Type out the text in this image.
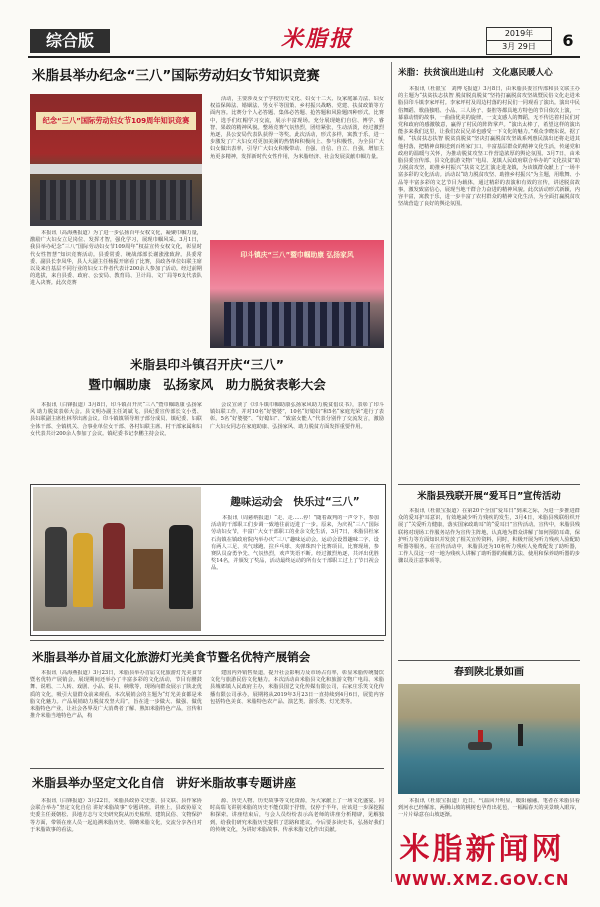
综合版	米脂报	2019年
3月 29日	6
米脂县举办纪念“三八”国际劳动妇女节知识竞赛
纪念“三八”国际劳动妇女节109周年知识竞赛
本报讯（高海燕报道）为了进一步弘扬百年女权文化，凝聚巾帼力量，激励广大妇女立足岗位、发挥才智，强化学习，展现巾帼风采。3月1日，我县举办纪念“三八”国际劳动妇女节109周年“权益宣传女权文化，彰显时代女性智慧”知识竞赛活动。县委常委、统战部部长谢涨涨致辞。县委常委、副县长李凤华，县人大副主任杨振开席看了比赛，县政各单位妇联主席以及来自基层不同行业的妇女工作者代表计200余人参加了活动。经过前期的选拔，来自县委、政府、公安局、教育局、卫计局、文广局等6支代表队进入决赛。此次竞赛
活动，主要涉及女子学校历史文化、妇女十二大、反家庭暴力法、妇女权益保障法、婚姻法、男女平等国策、乡村振兴战略、党建、扶贫政策等方面内容。比赛分个人必答题、集体必答题、抢答题和风险题四种形式。比赛中，选手们红帽学习交流，展示丰富现场。充分展现她们自信、博学、睿智、果敢的精神风貌。整场竞赛气氛热烈，团结紧张，生动活泼，经过激烈角逐，县公安局代表队获得一等奖。此次活动，形式多样，寓教于乐，进一步激发了广大妇女对更加美满的热情和积极向上、参与积极性，为全县广大妇女做出表率，引导广大妇女积极带动、自强、自信、自立、自强，增加主角更多精神，发挥新时代女性作用，为米脂经济、社会发展贡献巾帼力量。
印斗镇庆“三八”暨巾帼助康 弘扬家风
米脂县印斗镇召开庆“三八”
暨巾帼助康　弘扬家风　助力脱贫表彰大会
本报讯（白锋报道）3月8日，印斗镇召开庆“三八”暨巾帼助康 弘扬家风 助力脱贫表彰大会。县文明办副主任刘斌飞、县纪委宣传部长文小勇、县妇联副主席杜林琴出席会议。印斗镇镇领导班子部分成员、镇纪委、妇联全体干部、全镇机关、合事业单位女干部、各村妇联主席、村干部家属和妇女代表共计200余人参加了会议。镇纪委书记李鹏主持会议。
会议宣读了《印斗镇巾帼助康弘扬家风助力脱贫倡议书》，表彰了印斗镇妇联工作，并对10名“好婆婆”，10名“好媳妇”和5名“家庭光荣”进行了表彰。5名“好婆婆”、“好媳妇”、“致富女能人”代表分别作了交流发言，激励广大妇女同志在家庭助康、弘扬家风、助力脱贫方面发挥重要作用。
趣味运动会　快乐过“三八”
本报讯（周慈纳报道）“走、走……停！”随着裁判的一声令下，参加活动的干部职工们步调一致地往前迈进了一步。原来，为庆祝“三八”国际劳动妇女节，丰富广大女干部职工的业余文化生活，3月7日，米脂县杜家石沟镇在镇政府院内举办庆“三八”趣味运动会。运动会设置趣味二字、设有两人三足、夹气球跑、拉乒乓球、夹弹珠四个比赛项目。比赛现场，参赛队员奋勇争先、气氛热烈，欢声笑语不断。经过激烈角逐，共评出优胜奖14名，并颁发了奖品，活动最终运动的所有女干部职工过上了节日祝会品。
米脂县举办首届文化旅游灯光美食节暨名优特产展销会
本报讯（高海燕报道）3月23日，米脂县举办首届文化旅游灯光美食节暨名优特产展销会。展现期间还举办了丰富多彩的文化活动，节目有腰鼓舞、说唱、二人转、戏剧、小品、说书、秧歌等，现场向群众展示了陕北优质的文化，吸引大量群众前来观看。本次展销会的主题为“灯光美食都是米脂文化魅力。产品展销助力脱贫攻坚大局”，旨在进一步做大、做强、做优米脂特色产业，让社会各界及广大消费者了解、熟知米脂特色产品，宣传和推介米脂当地特色产品，构
建国内外销售渠道，提升社会影响力及市场占有率，彰显米脂传统餐饮文化与旅游民俗文化魅力。本次活动由米脂县文化和旅游文物广电局、米脂县城郊镇人民政府主办，米脂县国艺文化传媒有限公司，右家庄乐笑文化传播有限公司承办，展期将从2019年3月23日一直持续到4月6日，展览内容包括特色美食、米脂特色农产品、演艺类、游乐类、灯光类等。
米脂县举办坚定文化自信　讲好米脂故事专题讲座
本报讯（白锋报道）3月22日，米脂县政协文史委、县文联、县作家协会联合举办“坚定文化自信 讲好米脂故事”专题讲座。讲座上，县政协原文史委主任聂朝松、县地方志与文史研究院从历史梳理、建筑民俗、文物保护等方面，带领在座人员一起追溯米脂历史、领略米脂文化，交流分享各自对于米脂故事的看法。
源、历史人物、历史故事等文化资源，为大家献上了一场文化盛宴。同时高瑞飞讲别米脂的历史不能仅限于抒情，仅停于半年，应该进一步深挖掘和探索。讲座结束后，与会人员纷纷表示高老师的讲座分析精辟，见解独到，给我们研究米脂历史提供了思路和建议。今后要多读史书，弘扬好我们的传统文化，为讲好米脂故事、传承米脂文化作出贡献。
米脂：扶贫演出进山村　文化惠民暖人心
本报讯（杜银宝　刘博飞报道）3月8日，由米脂县委宣传部和县文联主办的主题为“扶贫扶志扶智 脱贫脱真脱贫”坚持打赢脱贫攻坚战暨民俗文化走进米脂县印斗镇李家坪村。李家坪村及周边村落的村民们一同观看了演出。演出中民俗舞蹈、歌曲独唱、小品、三人场子、秦腔等都具地方特色的节目依次上演，一幕幕动情的故事，一曲曲优美的旋律，一支支感人的舞蹈，无不传达着村民们对党和政府的感激敬意，赢得了村民的阵阵掌声。“演出太棒了，希望这样的演出能多来我们这里，让我们农民兄弟也感受一下文化的魅力。”观众李晓东说。据了解，“扶贫扶志扶智 脱贫真脱贫”坚决打赢脱贫攻坚战系列惠民演出还将走进其他村落，把精神食粮送到百姓家门口，丰富基层群众的精神文化生活，传递党和政府的温暖与关怀，为推动脱贫攻坚工作营造浓厚的舆论氛围。3月7日，由米脂县委宣传部、县文化旅游文物广电局、龙镇人民政府联合举办的“文化扶贫”助力脱贫攻坚，助推乡村振兴“扶贫文艺汇演走进龙镇，为该镇群众献上了一场丰富多彩的文化活动。活动以“助力脱贫攻坚、助推乡村振兴”为主题，用歌舞、小品等丰富多彩的文艺节目为载体，通过精彩的表演和有效的宣传，讲述脱贫故事，激发致富信心，展现当地干群合力奋进的精神风貌。此次活动形式新颖，内容丰富，寓教于乐，进一步丰富了农村群众的精神文化生活，为全面打赢脱贫攻坚战营造了良好的舆论氛围。
米脂县残联开展“爱耳日”宣传活动
本报讯（杜银宝报道）在第20个全国“爱耳日”到来之际，为进一步推进群众的爱耳护耳意识，有效地减少听力残疾的发生，3月4日，米脂县残联组织开展了“关爱听力健康，落实国家政助耳”的“爱耳日”宣传活动。宣传中，米脂县残联将对现场工作服务站作为宣传主阵地，认真地为群众讲解了如何预防耳聋，保护听力等方面知识并发放了相关宣传资料，同时，积极开展为听力残疾人验配助听器等服务。在宣传活动中，米脂县还为10名听力残疾人免费配发了助听器，工作人员这一对一地为残疾人讲解了助听器的佩戴方法、使用和保养助听器的步骤以及注意事项等。
春到陕北景如画
本报讯（杜银宝报道）近日，气温回升明显，暖阳融融。笔者在米脂县看到河水已经解冻，两侧山坡的桃树也孕育出花苞，一幅幅春天的美景映入眼帘，一片片绿意在山坡逐渐。
米脂新闻网
WWW.XMZ.GOV.CN
